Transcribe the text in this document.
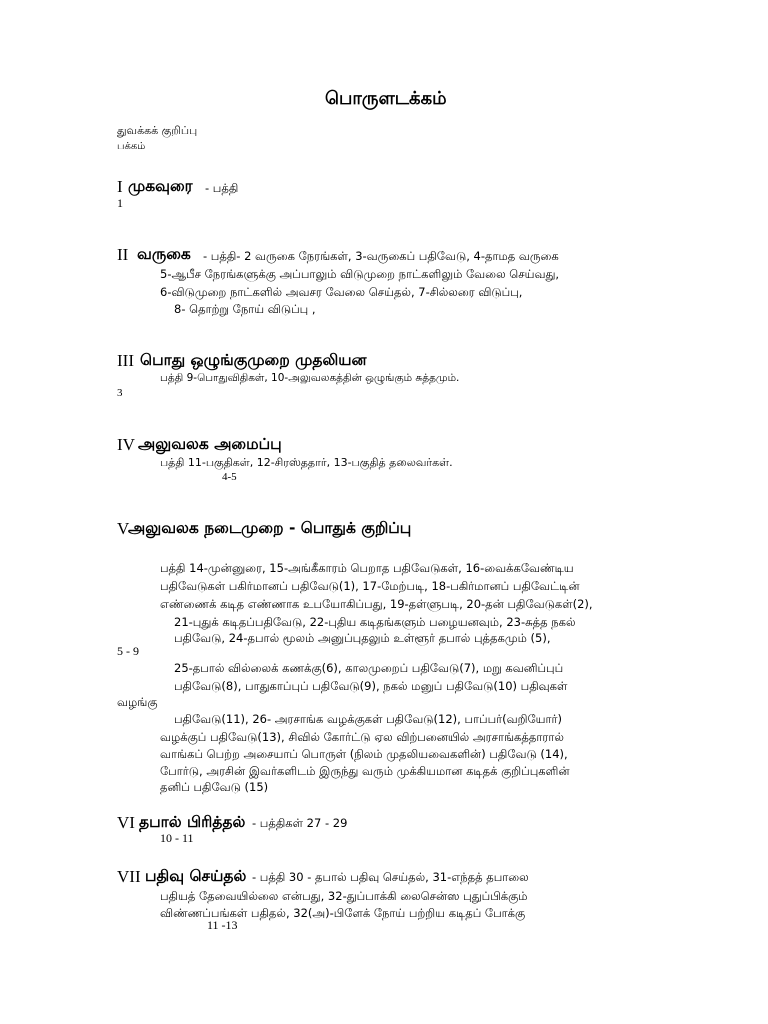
பொருளடக்கம்
துவக்கக் குறிப்பு
பக்கம்
I முகவுரை - பத்தி
1
II வருகை - பத்தி- 2 வருகை நேரங்கள், 3-வருகைப் பதிவேடு, 4-தாமத வருகை
5-ஆபீச நேரங்களுக்கு அப்பாலும் விடுமுறை நாட்களிலும் வேலை செய்வது,
6-விடுமுறை நாட்களில் அவசர வேலை செய்தல், 7-சில்லரை விடுப்பு,
8- தொற்று நோய் விடுப்பு ,
III பொது ஒழுங்குமுறை முதலியன
பத்தி 9-பொதுவிதிகள், 10-அலுவலகத்தின் ஒழுங்கும் சுத்தமும்.
3
IV அலுவலக அமைப்பு
பத்தி 11-பகுதிகள், 12-சிரஸ்ததார், 13-பகுதித் தலைவர்கள்.
4-5
V
அலுவலக நடைமுறை - பொதுக் குறிப்பு
பத்தி 14-முன்னுரை, 15-அங்கீகாரம் பெறாத பதிவேடுகள், 16-வைக்கவேண்டிய
பதிவேடுகள் பகிர்மானப் பதிவேடு(1), 17-மேற்படி, 18-பகிர்மானப் பதிவேட்டின்
எண்ணைக் கடித எண்ணாக உபயோகிப்பது, 19-தள்ளுபடி, 20-தன் பதிவேடுகள்(2),
21-புதுக் கடிதப்பதிவேடு, 22-புதிய கடிதங்களும் பழையனவும், 23-சுத்த நகல்
பதிவேடு, 24-தபால் மூலம் அனுப்புதலும் உள்ளூர் தபால் புத்தகமும் (5),
5 - 9
25-தபால் வில்லைக் கணக்கு(6), காலமுறைப் பதிவேடு(7), மறு கவனிப்புப்
பதிவேடு(8), பாதுகாப்புப் பதிவேடு(9), நகல் மனுப் பதிவேடு(10) பதிவுகள்
வழங்கு
பதிவேடு(11), 26- அரசாங்க வழக்குகள் பதிவேடு(12), பாப்பர்(வறியோர்)
வழக்குப் பதிவேடு(13), சிவில் கோர்ட்டு ஏல விற்பனையில் அரசாங்கத்தாரால்
வாங்கப் பெற்ற அசையாப் பொருள் (நிலம் முதலியவைகளின்) பதிவேடு (14),
போர்டு, அரசின் இவர்களிடம் இருந்து வரும் முக்கியமான கடிதக் குறிப்புகளின்
தனிப் பதிவேடு (15)
VI தபால் பிரித்தல் - பத்திகள் 27 - 29
10 - 11
VII பதிவு செய்தல் - பத்தி 30 - தபால் பதிவு செய்தல், 31-எந்தத் தபாலை
பதியத் தேவையில்லை என்பது, 32-துப்பாக்கி லைசென்ஸ புதுப்பிக்கும்
விண்ணப்பங்கள் பதிதல், 32(அ)-பிளேக் நோய் பற்றிய கடிதப் போக்கு
11 -13
